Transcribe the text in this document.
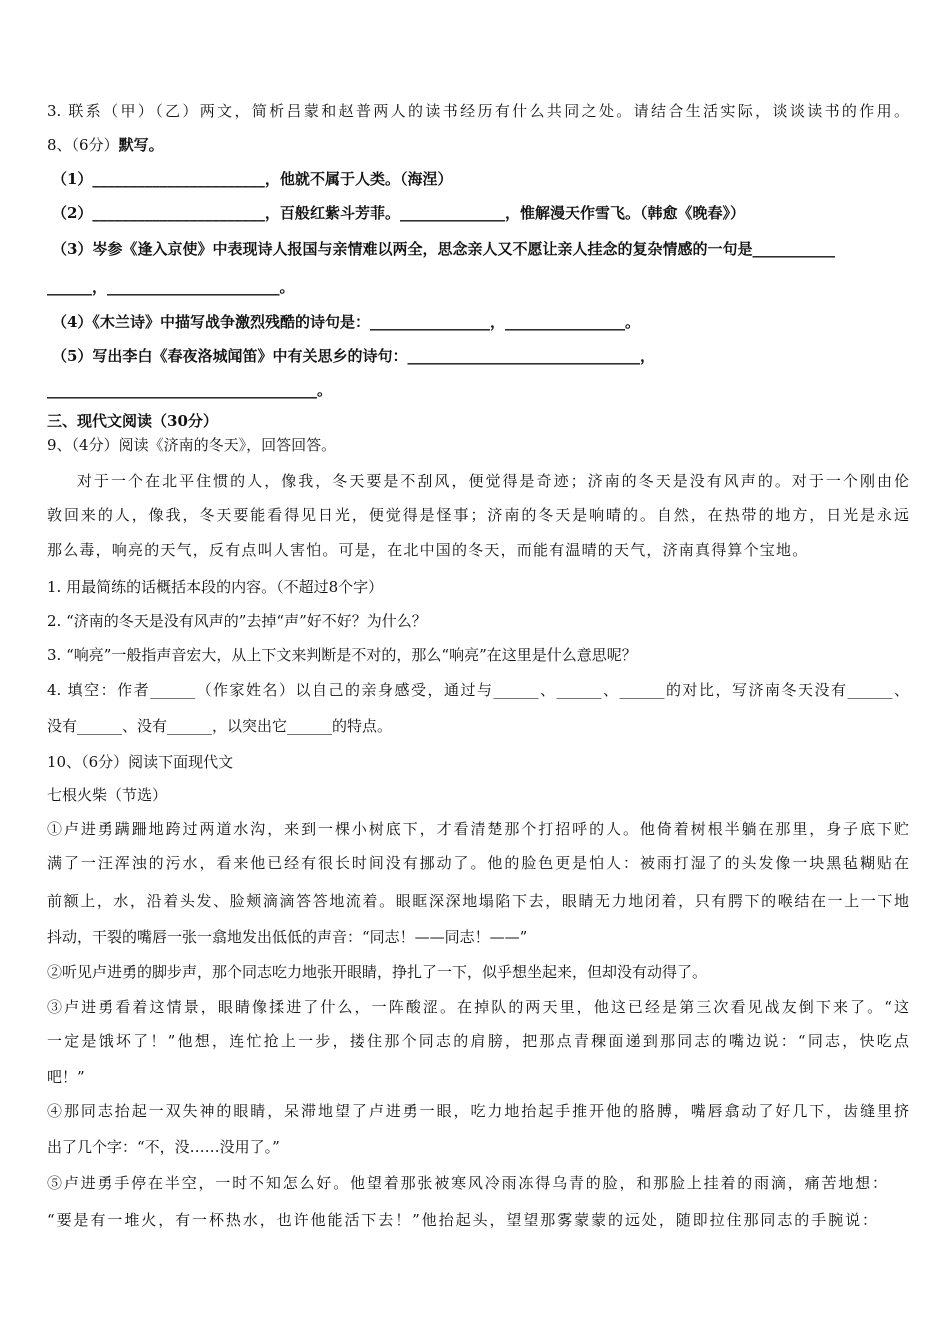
3. 联系（甲）（乙）两文，简析吕蒙和赵普两人的读书经历有什么共同之处。请结合生活实际，谈谈读书的作用。
8、（6分）默写。
（1）_______________________，他就不属于人类。（海涅）
（2）_______________________，百般红紫斗芳菲。______________，惟解漫天作雪飞。（韩愈《晚春》）
（3）岑参《逢入京使》中表现诗人报国与亲情难以两全，思念亲人又不愿让亲人挂念的复杂情感的一句是___________
______，_______________________。
（4）《木兰诗》中描写战争激烈残酷的诗句是：________________，________________。
（5）写出李白《春夜洛城闻笛》中有关思乡的诗句：_______________________________，
____________________________________。
三、现代文阅读（30分）
9、（4分）阅读《济南的冬天》，回答回答。
对于一个在北平住惯的人，像我，冬天要是不刮风，便觉得是奇迹；济南的冬天是没有风声的。对于一个刚由伦
敦回来的人，像我，冬天要能看得见日光，便觉得是怪事；济南的冬天是响晴的。自然，在热带的地方，日光是永远
那么毒，响亮的天气，反有点叫人害怕。可是，在北中国的冬天，而能有温晴的天气，济南真得算个宝地。
1. 用最简练的话概括本段的内容。（不超过8个字）
2. “济南的冬天是没有风声的”去掉“声”好不好？为什么？
3. “响亮”一般指声音宏大，从上下文来判断是不对的，那么“响亮”在这里是什么意思呢？
4. 填空：作者______（作家姓名）以自己的亲身感受，通过与______、______、______的对比，写济南冬天没有______、
没有______、没有______，以突出它______的特点。
10、（6分）阅读下面现代文
七根火柴（节选）
①卢进勇蹒跚地跨过两道水沟，来到一棵小树底下，才看清楚那个打招呼的人。他倚着树根半躺在那里，身子底下贮
满了一汪浑浊的污水，看来他已经有很长时间没有挪动了。他的脸色更是怕人：被雨打湿了的头发像一块黑毡糊贴在
前额上，水，沿着头发、脸颊滴滴答答地流着。眼眶深深地塌陷下去，眼睛无力地闭着，只有腭下的喉结在一上一下地
抖动，干裂的嘴唇一张一翕地发出低低的声音：“同志！——同志！——”
②听见卢进勇的脚步声，那个同志吃力地张开眼睛，挣扎了一下，似乎想坐起来，但却没有动得了。
③卢进勇看着这情景，眼睛像揉进了什么，一阵酸涩。在掉队的两天里，他这已经是第三次看见战友倒下来了。“这
一定是饿坏了！”他想，连忙抢上一步，搂住那个同志的肩膀，把那点青稞面递到那同志的嘴边说：“同志，快吃点
吧！”
④那同志抬起一双失神的眼睛，呆滞地望了卢进勇一眼，吃力地抬起手推开他的胳膊，嘴唇翕动了好几下，齿缝里挤
出了几个字：“不，没……没用了。”
⑤卢进勇手停在半空，一时不知怎么好。他望着那张被寒风冷雨冻得乌青的脸，和那脸上挂着的雨滴，痛苦地想：
“要是有一堆火，有一杯热水，也许他能活下去！”他抬起头，望望那雾蒙蒙的远处，随即拉住那同志的手腕说：
